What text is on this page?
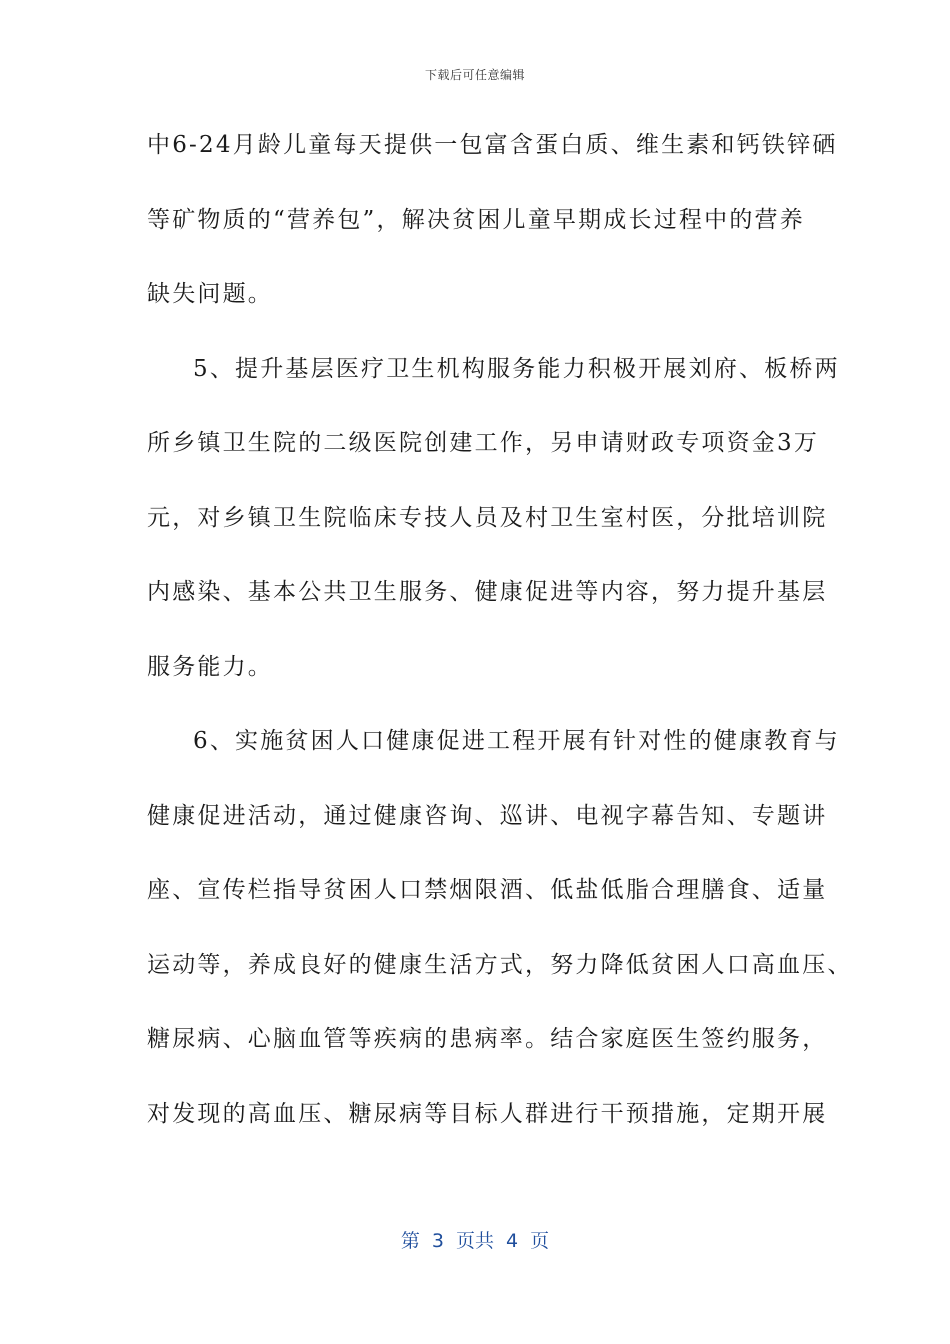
下载后可任意编辑
中6-24月龄儿童每天提供一包富含蛋白质、维生素和钙铁锌硒
等矿物质的“营养包”，解决贫困儿童早期成长过程中的营养
缺失问题。
5、提升基层医疗卫生机构服务能力积极开展刘府、板桥两
所乡镇卫生院的二级医院创建工作，另申请财政专项资金3万
元，对乡镇卫生院临床专技人员及村卫生室村医，分批培训院
内感染、基本公共卫生服务、健康促进等内容，努力提升基层
服务能力。
6、实施贫困人口健康促进工程开展有针对性的健康教育与
健康促进活动，通过健康咨询、巡讲、电视字幕告知、专题讲
座、宣传栏指导贫困人口禁烟限酒、低盐低脂合理膳食、适量
运动等，养成良好的健康生活方式，努力降低贫困人口高血压、
糖尿病、心脑血管等疾病的患病率。结合家庭医生签约服务，
对发现的高血压、糖尿病等目标人群进行干预措施，定期开展
第 3 页共 4 页
